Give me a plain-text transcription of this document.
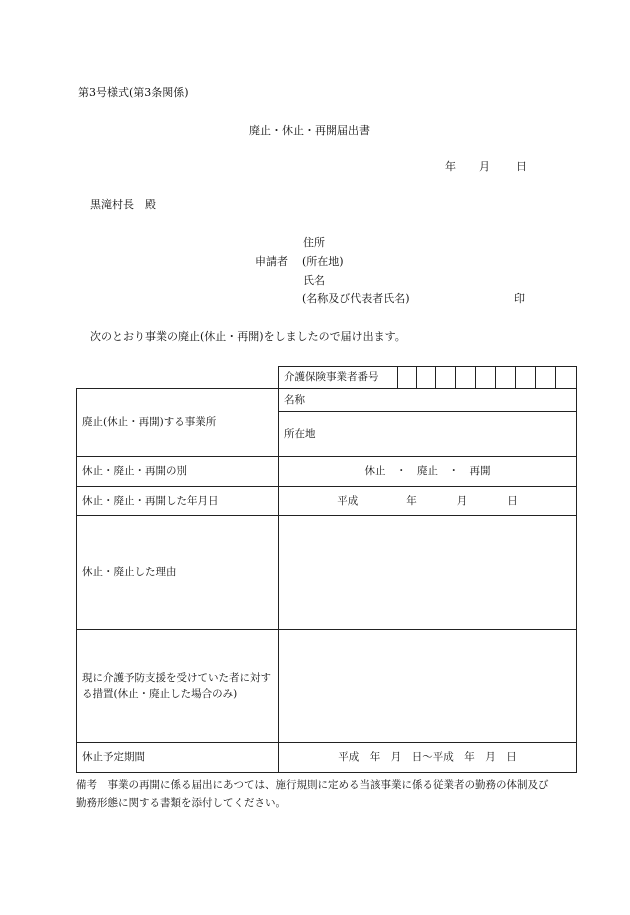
第3号様式(第3条関係)
廃止・休止・再開届出書
年 月 日
黒滝村長　殿
住所
申請者 (所在地)
氏名
(名称及び代表者氏名)	印
次のとおり事業の廃止(休止・再開)をしましたので届け出ます。
	介護保険事業者番号									
廃止(休止・再開)する事業所	名称									
	所在地									
休止・廃止・再開の別	休止　・　廃止　・　再開									
休止・廃止・再開した年月日	平成 年 月 日									
休止・廃止した理由										
現に介護予防支援を受けていた者に対する措置(休止・廃止した場合のみ)										
休止予定期間	平成　年　月　日〜平成　年　月　日									
備考　 事業の再開に係る届出にあつては、施行規則に定める当該事業に係る従業者の勤務の体制及び勤務形態に関する書類を添付してください。
